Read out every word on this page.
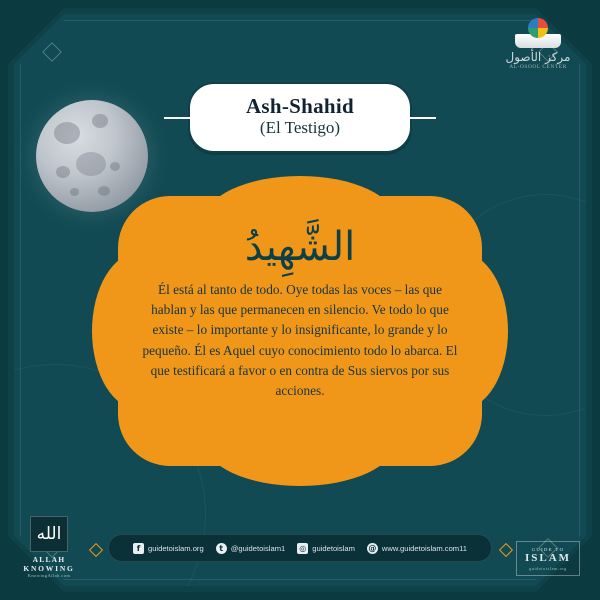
مركز الأصول
AL-OSOOL CENTER
Ash-Shahid
(El Testigo)
الشَّهِيدُ
Él está al tanto de todo. Oye todas las voces – las que hablan y las que permanecen en silencio. Ve todo lo que existe – lo importante y lo insignificante, lo grande y lo pequeño. Él es Aquel cuyo conocimiento todo lo abarca. El que testificará a favor o en contra de Sus siervos por sus acciones.
الله
ALLAH
KNOWING
KnowingAllah.com
GUIDE TO
ISLAM
guidetoislam.org
f	guidetoislam.org	t @guidetoislam1 ◎ guidetoislam @ www.guidetoislam.com11
